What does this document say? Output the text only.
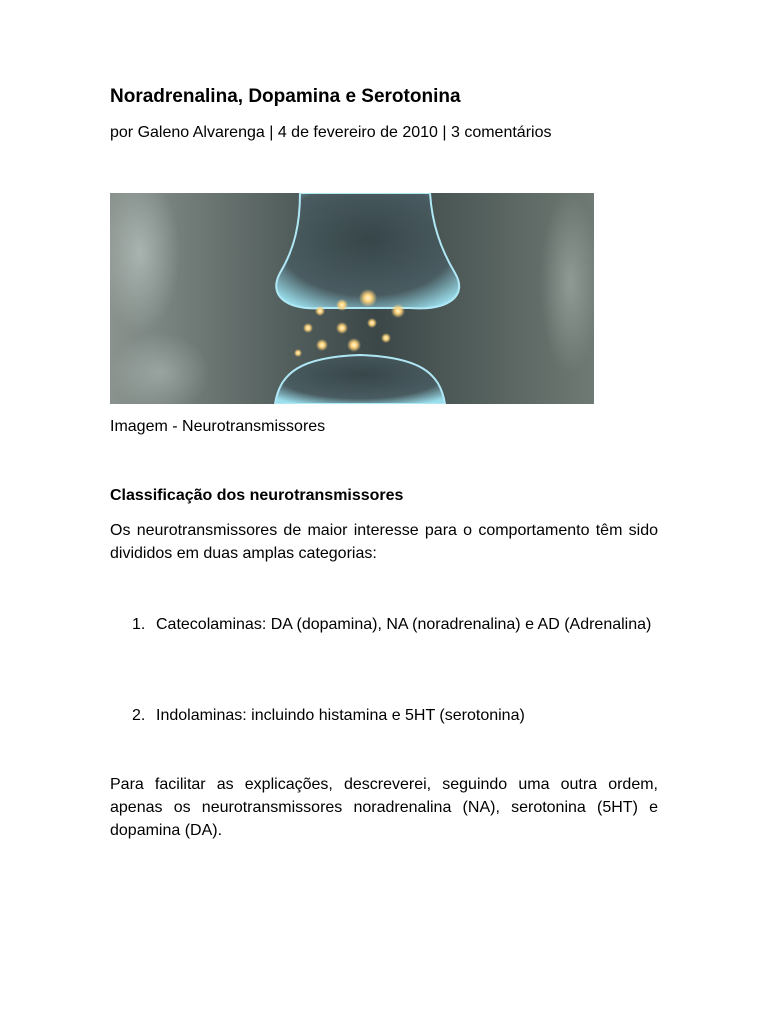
Noradrenalina, Dopamina e Serotonina

por Galeno Alvarenga | 4 de fevereiro de 2010 | 3 comentários

Imagem - Neurotransmissores

Classificação dos neurotransmissores

Os neurotransmissores de maior interesse para o comportamento têm sido divididos em duas amplas categorias:

1. Catecolaminas: DA (dopamina), NA (noradrenalina) e AD (Adrenalina)
2. Indolaminas: incluindo histamina e 5HT (serotonina)

Para facilitar as explicações, descreverei, seguindo uma outra ordem, apenas os neurotransmissores noradrenalina (NA), serotonina (5HT) e dopamina (DA).
